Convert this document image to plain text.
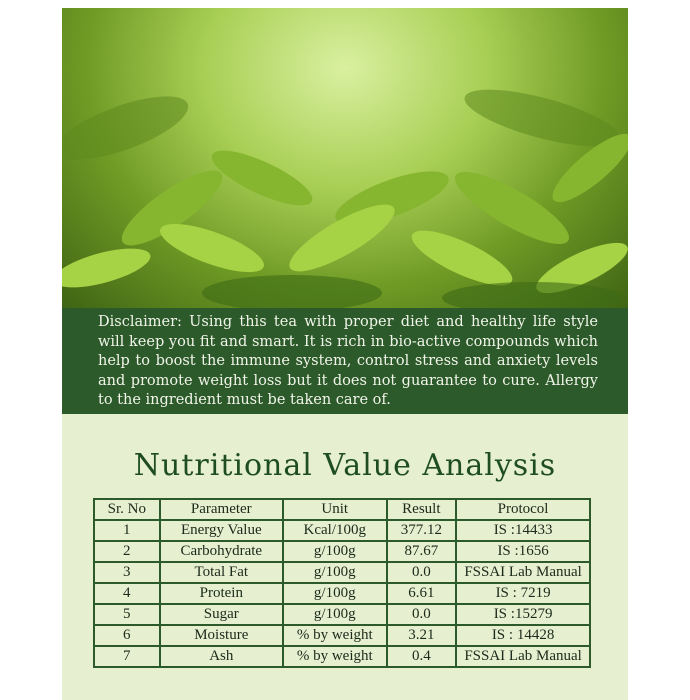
Disclaimer: Using this tea with proper diet and healthy life style will keep you fit and smart. It is rich in bio-active compounds which help to boost the immune system, control stress and anxiety levels and promote weight loss but it does not guarantee to cure. Allergy to the ingredient must be taken care of.

Nutritional Value Analysis
Sr. No	Parameter	Unit	Result	Protocol
1	Energy Value	Kcal/100g	377.12	IS :14433
2	Carbohydrate	g/100g	87.67	IS :1656
3	Total Fat	g/100g	0.0	FSSAI Lab Manual
4	Protein	g/100g	6.61	IS : 7219
5	Sugar	g/100g	0.0	IS :15279
6	Moisture	% by weight	3.21	IS : 14428
7	Ash	% by weight	0.4	FSSAI Lab Manual
